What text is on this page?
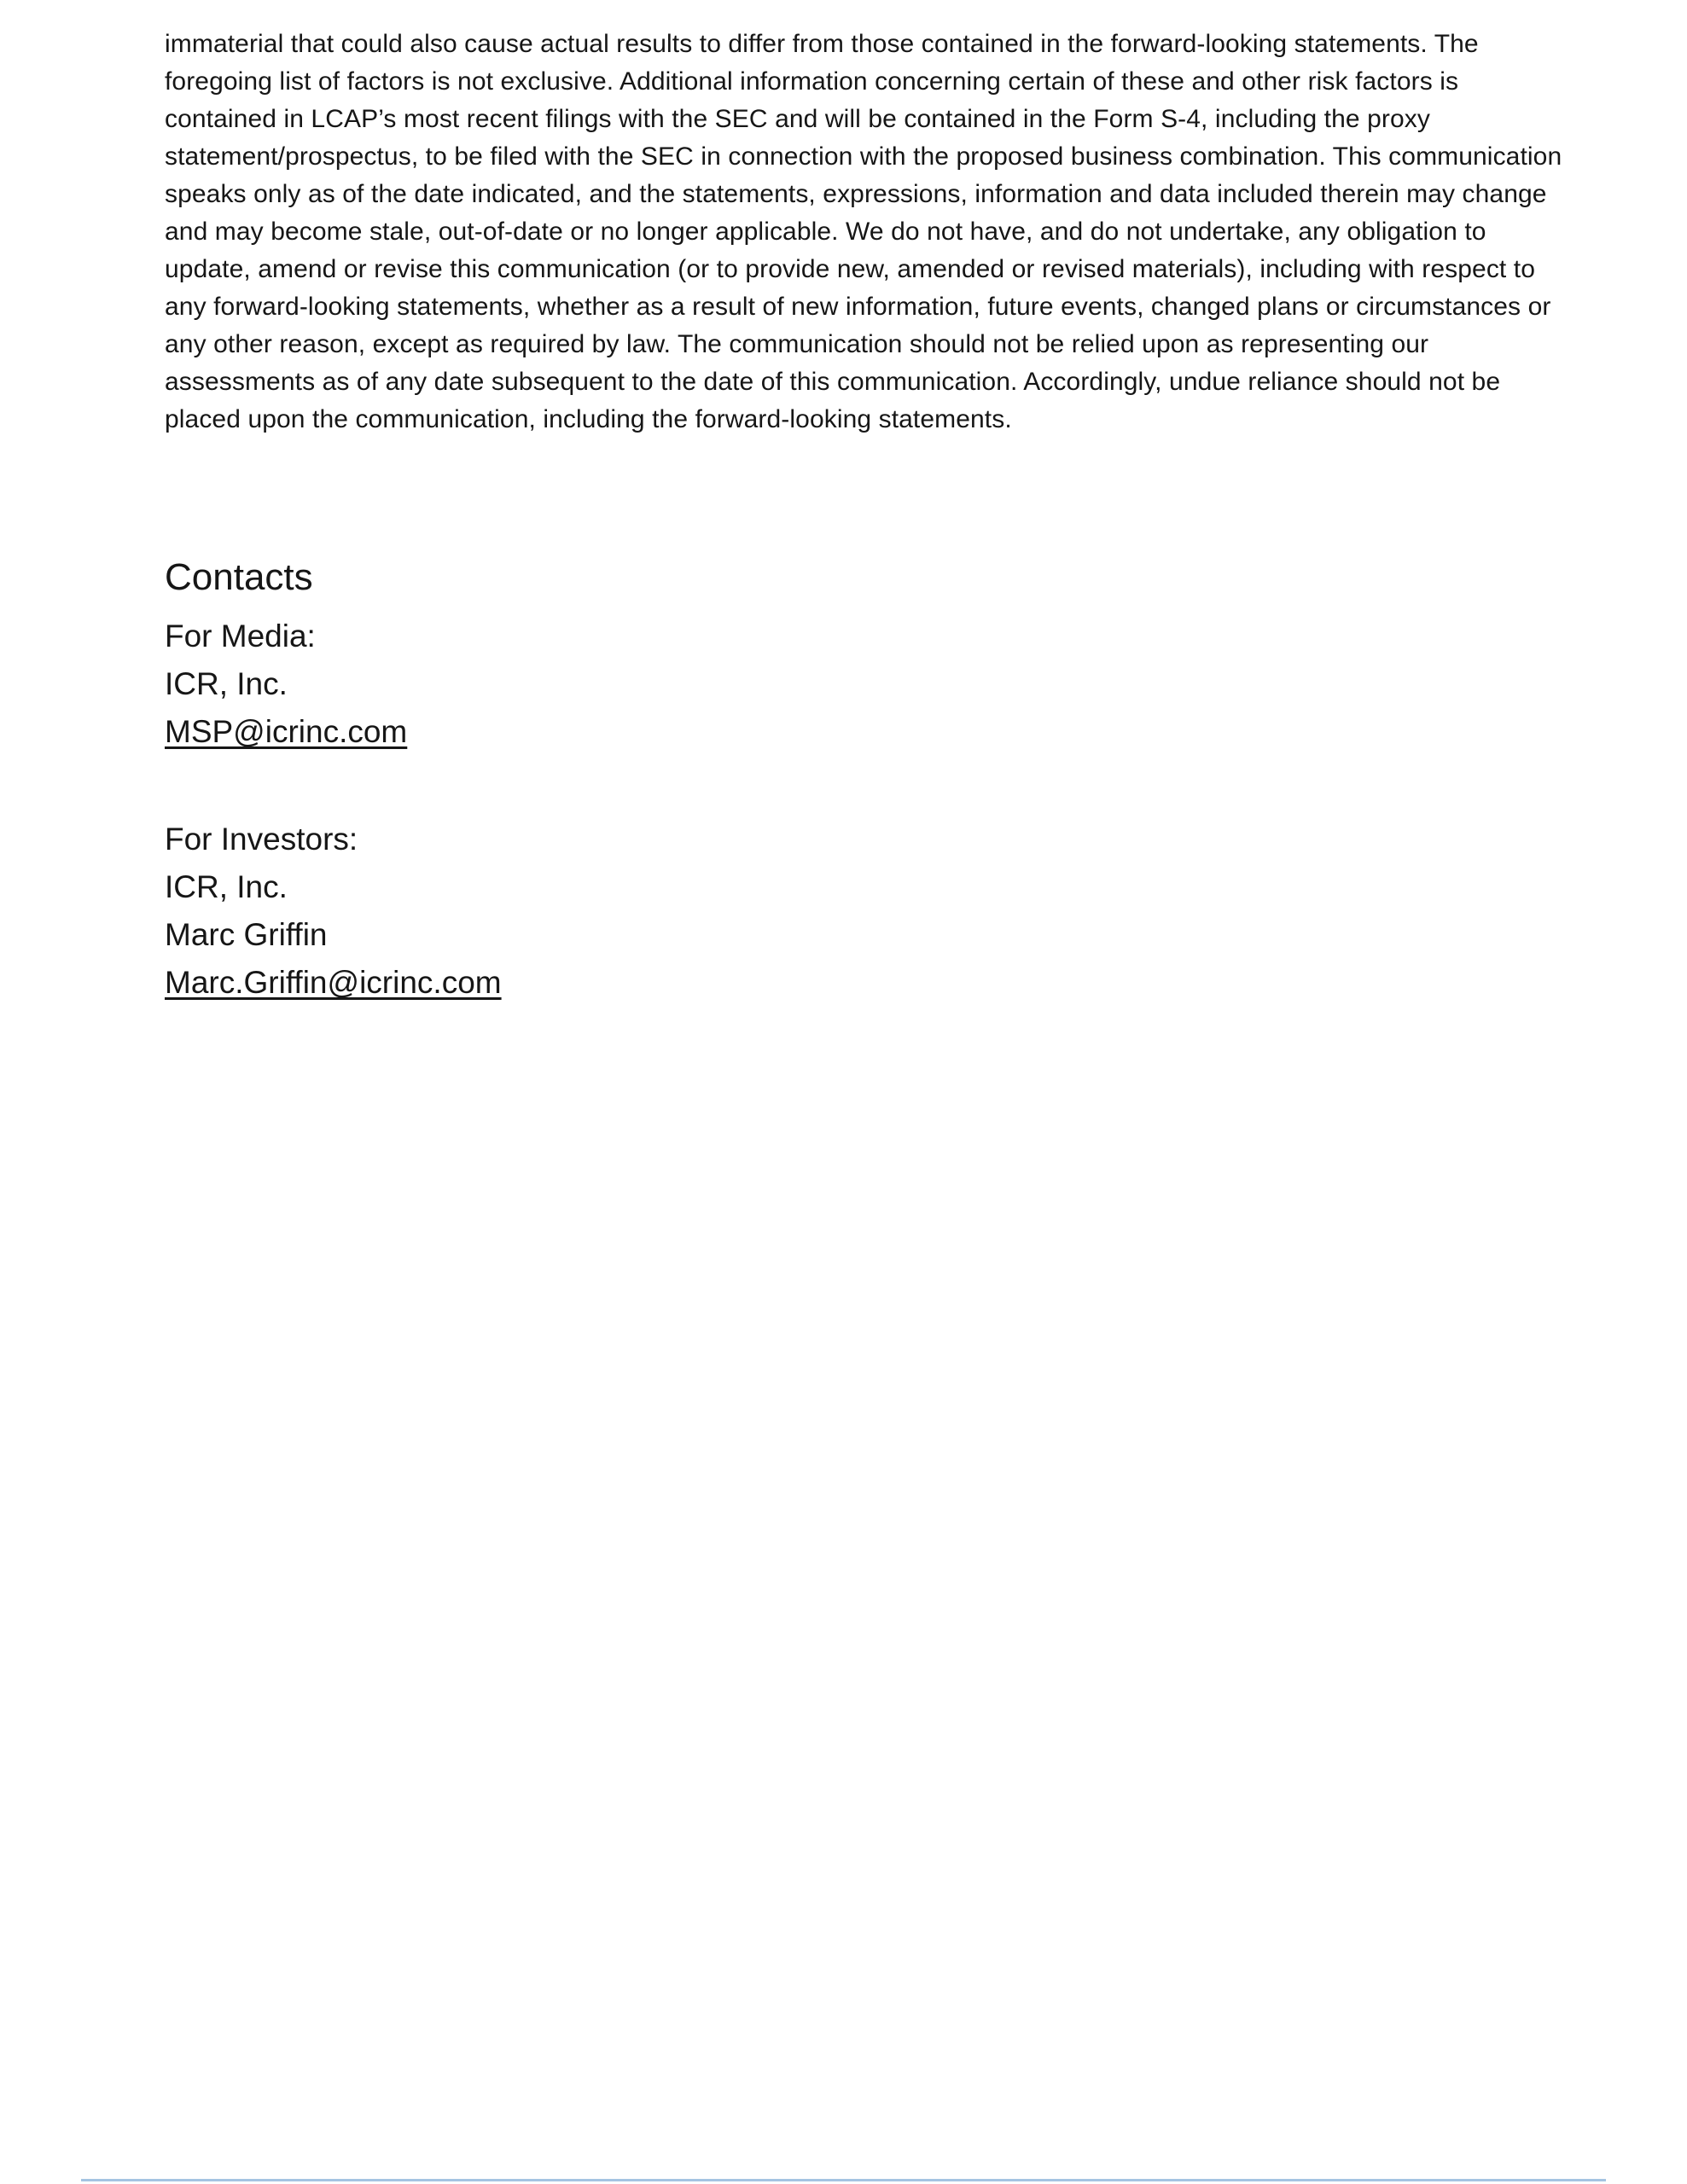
immaterial that could also cause actual results to differ from those contained in the forward-looking statements. The
foregoing list of factors is not exclusive. Additional information concerning certain of these and other risk factors is
contained in LCAP’s most recent filings with the SEC and will be contained in the Form S-4, including the proxy
statement/prospectus, to be filed with the SEC in connection with the proposed business combination. This communication
speaks only as of the date indicated, and the statements, expressions, information and data included therein may change
and may become stale, out-of-date or no longer applicable. We do not have, and do not undertake, any obligation to
update, amend or revise this communication (or to provide new, amended or revised materials), including with respect to
any forward-looking statements, whether as a result of new information, future events, changed plans or circumstances or
any other reason, except as required by law. The communication should not be relied upon as representing our
assessments as of any date subsequent to the date of this communication. Accordingly, undue reliance should not be
placed upon the communication, including the forward-looking statements.
Contacts
For Media:
ICR, Inc.
MSP@icrinc.com
For Investors:
ICR, Inc.
Marc Griffin
Marc.Griffin@icrinc.com
